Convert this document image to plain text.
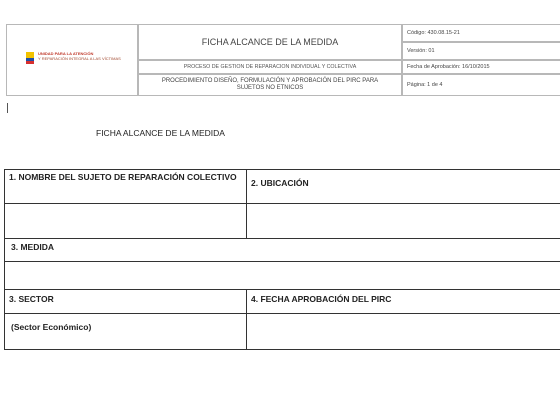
UNIDAD PARA LA ATENCIÓN
Y REPARACIÓN INTEGRAL A LAS VÍCTIMAS
FICHA ALCANCE DE LA MEDIDA
PROCESO DE GESTION DE REPARACION INDIVIDUAL Y COLECTIVA
PROCEDIMIENTO DISEÑO, FORMULACIÓN Y APROBACIÓN DEL PIRC PARA SUJETOS NO ETNICOS
Código: 430.08.15-21
Versión: 01
Fecha de Aprobación: 16/10/2015
Página: 1 de 4
FICHA ALCANCE DE LA MEDIDA
1. NOMBRE DEL SUJETO DE REPARACIÓN COLECTIVO
2. UBICACIÓN
3. MEDIDA
3. SECTOR	4. FECHA APROBACIÓN DEL PIRC
(Sector Económico)
